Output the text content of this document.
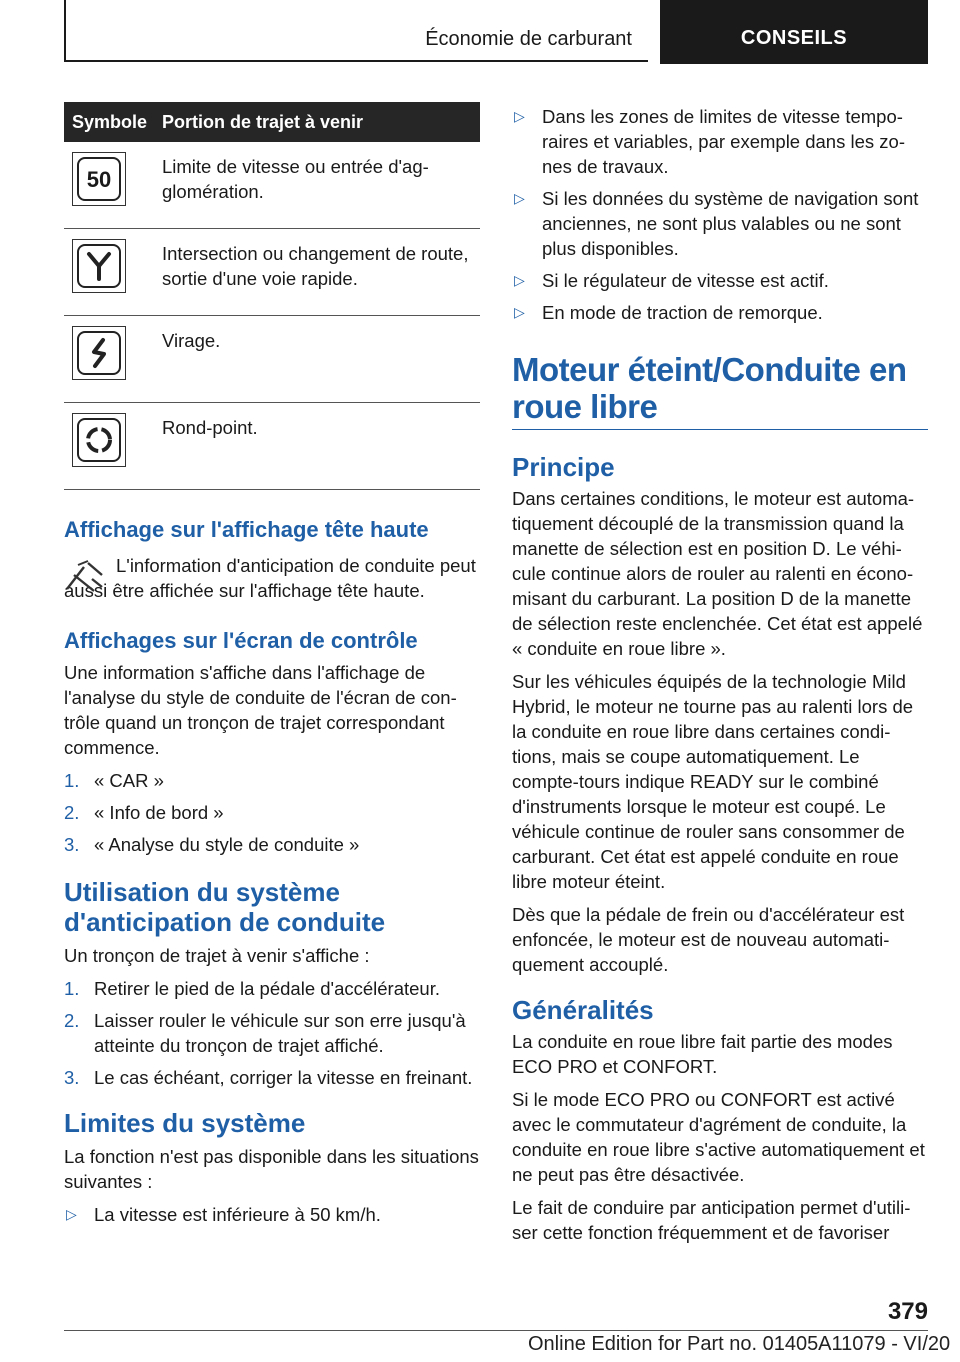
Économie de carburant	CONSEILS
Symbole	Portion de trajet à venir

50	Limite de vitesse ou entrée d'agglomération.

	Intersection ou changement de route, sortie d'une voie rapide.

	Virage.

	Rond-point.
Affichage sur l'affichage tête haute

L'information d'anticipation de conduite peut aussi être affichée sur l'affichage tête haute.

Affichages sur l'écran de contrôle

Une information s'affiche dans l'affichage de l'analyse du style de conduite de l'écran de contrôle quand un tronçon de trajet correspondant commence.

1. « CAR »
2. « Info de bord »
3. « Analyse du style de conduite »
Utilisation du système d'anticipation de conduite

Un tronçon de trajet à venir s'affiche :

1. Retirer le pied de la pédale d'accélérateur.
2. Laisser rouler le véhicule sur son erre jusqu'à atteinte du tronçon de trajet affiché.
3. Le cas échéant, corriger la vitesse en freinant.
Limites du système

La fonction n'est pas disponible dans les situations suivantes :

▷ La vitesse est inférieure à 50 km/h.
▷ Dans les zones de limites de vitesse temporaires et variables, par exemple dans les zones de travaux.
▷ Si les données du système de navigation sont anciennes, ne sont plus valables ou ne sont plus disponibles.
▷ Si le régulateur de vitesse est actif.
▷ En mode de traction de remorque.
Moteur éteint/Conduite en roue libre
Principe

Dans certaines conditions, le moteur est automatiquement découplé de la transmission quand la manette de sélection est en position D. Le véhicule continue alors de rouler au ralenti en économisant du carburant. La position D de la manette de sélection reste enclenchée. Cet état est appelé « conduite en roue libre ».

Sur les véhicules équipés de la technologie Mild Hybrid, le moteur ne tourne pas au ralenti lors de la conduite en roue libre dans certaines conditions, mais se coupe automatiquement. Le compte-tours indique READY sur le combiné d'instruments lorsque le moteur est coupé. Le véhicule continue de rouler sans consommer de carburant. Cet état est appelé conduite en roue libre moteur éteint.

Dès que la pédale de frein ou d'accélérateur est enfoncée, le moteur est de nouveau automatiquement accouplé.

Généralités

La conduite en roue libre fait partie des modes ECO PRO et CONFORT.

Si le mode ECO PRO ou CONFORT est activé avec le commutateur d'agrément de conduite, la conduite en roue libre s'active automatiquement et ne peut pas être désactivée.

Le fait de conduire par anticipation permet d'utiliser cette fonction fréquemment et de favoriser

379
Online Edition for Part no. 01405A11079 - VI/20
